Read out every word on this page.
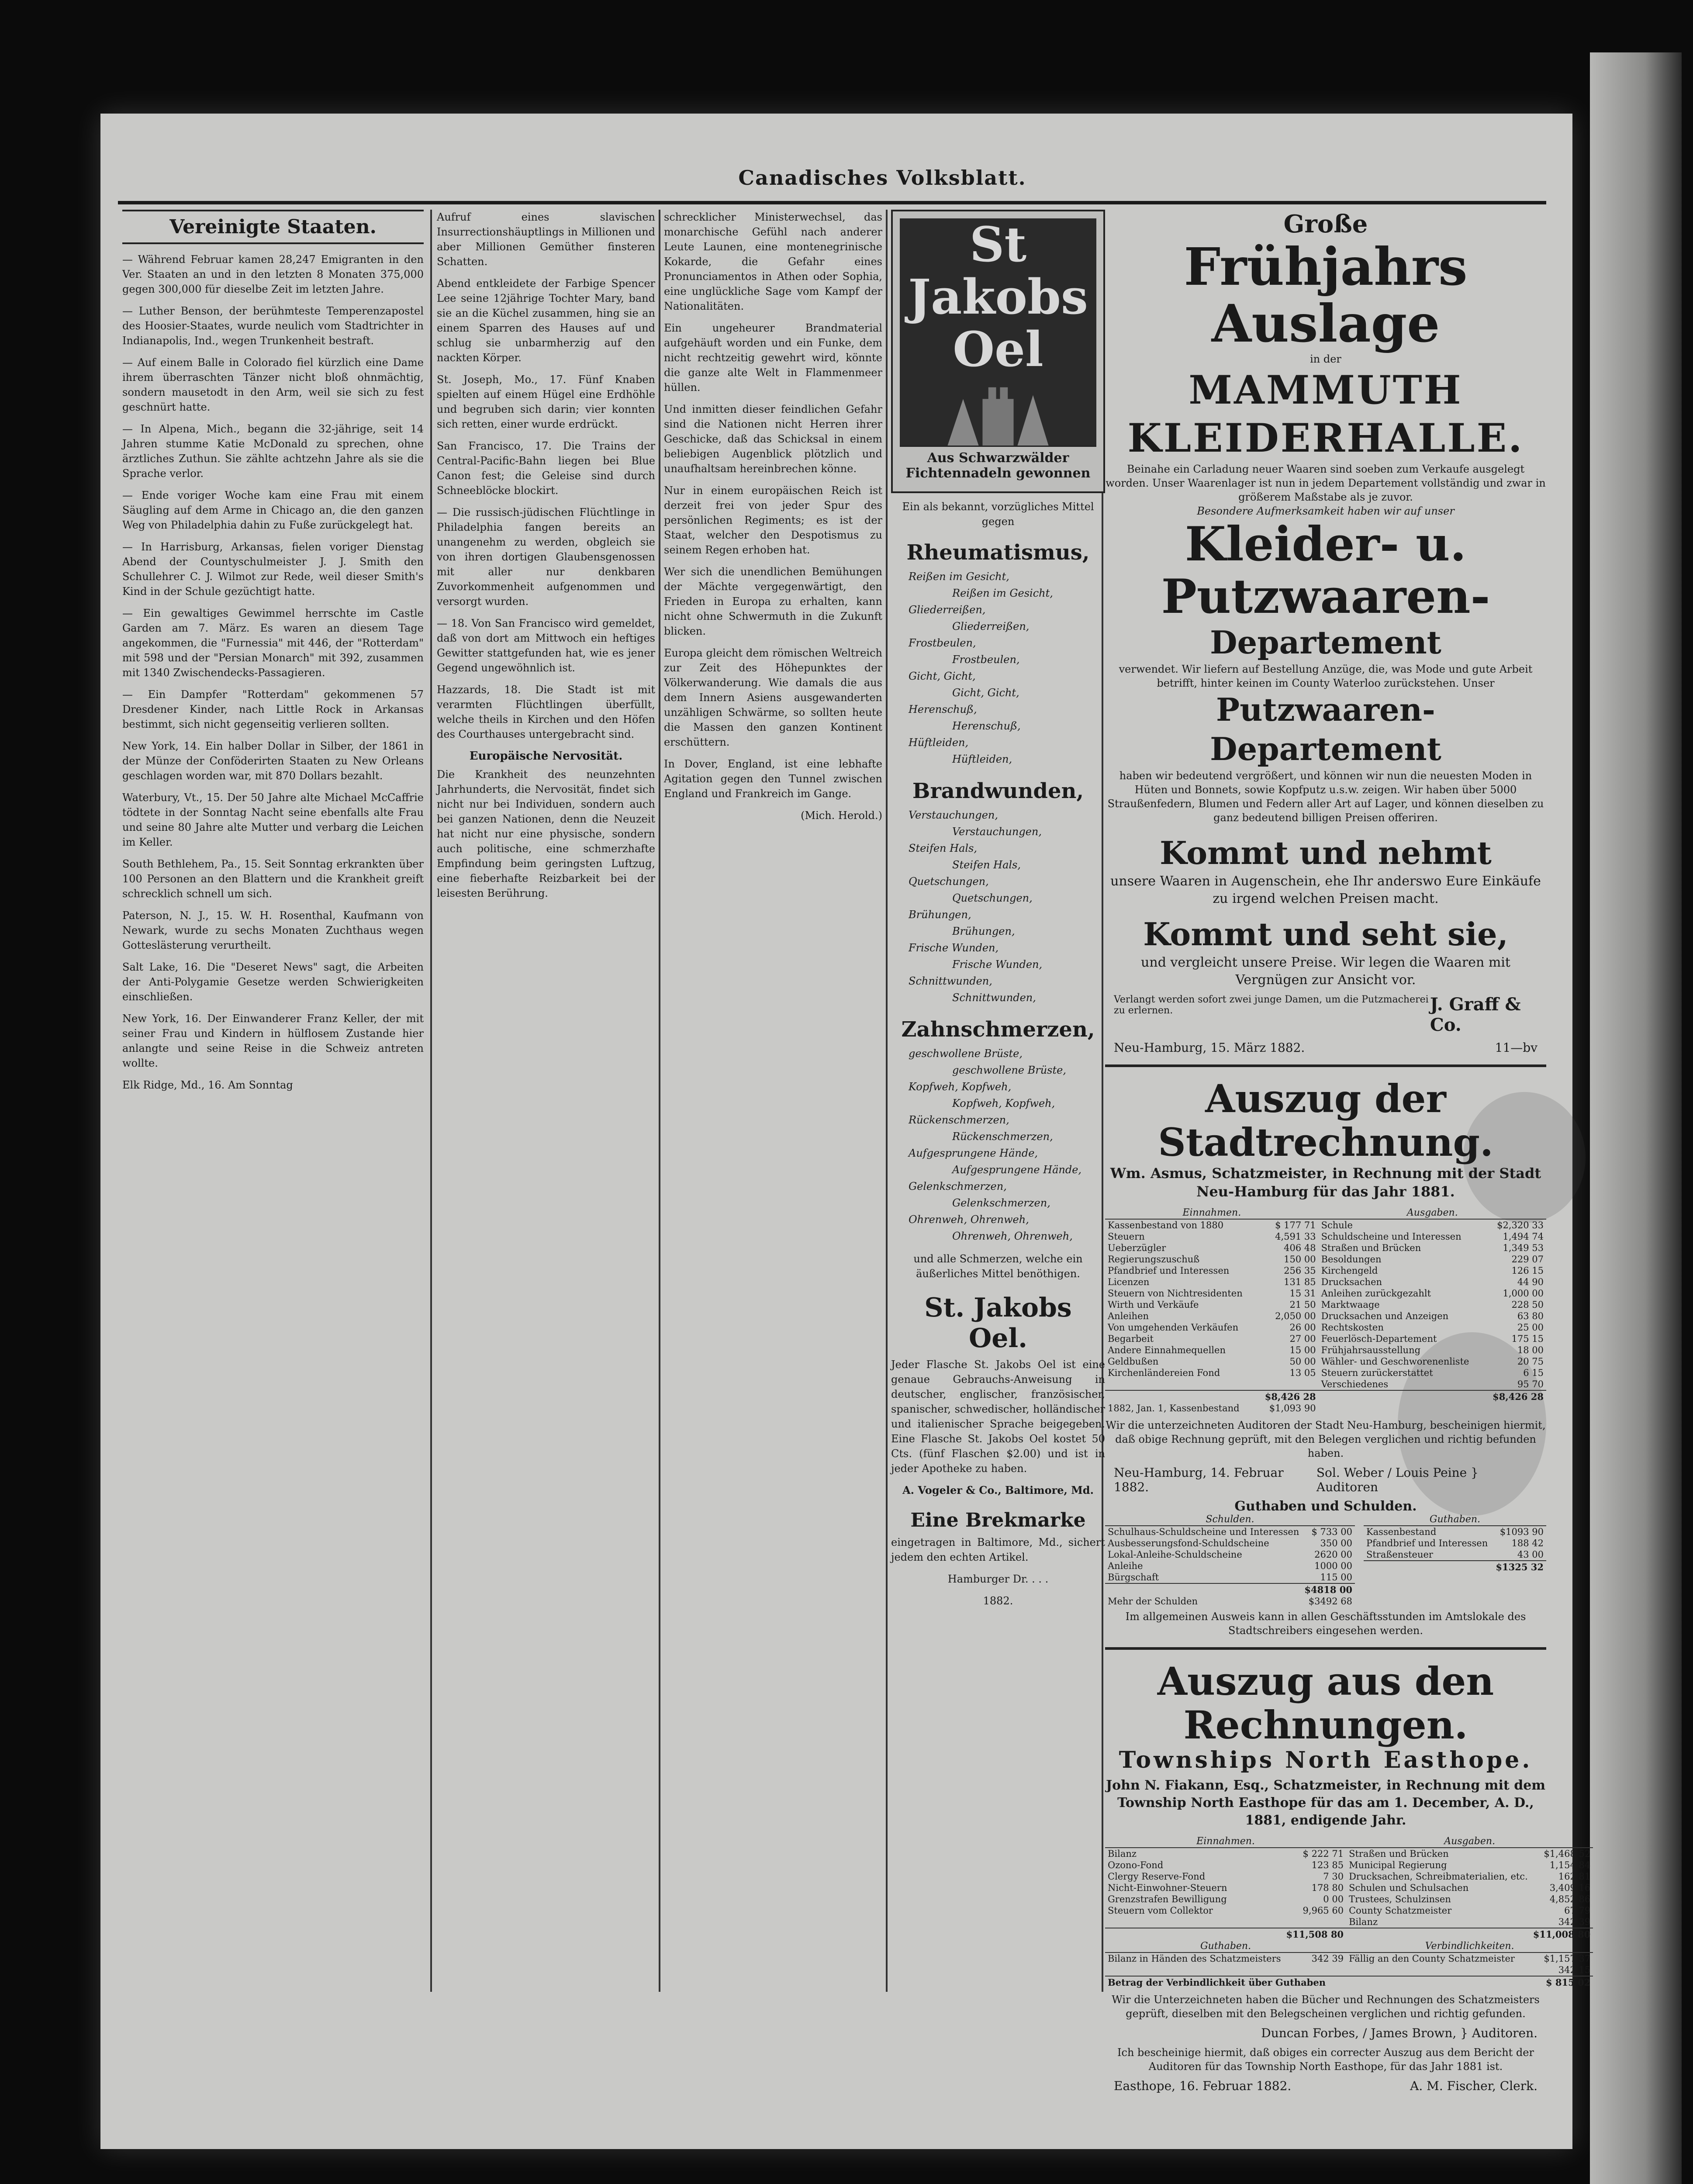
Canadisches Volksblatt.
Vereinigte Staaten.

— Während Februar kamen 28,247 Emigranten in den Ver. Staaten an und in den letzten 8 Monaten 375,000 gegen 300,000 für dieselbe Zeit im letzten Jahre.

— Luther Benson, der berühmteste Temperenzapostel des Hoosier-Staates, wurde neulich vom Stadtrichter in Indianapolis, Ind., wegen Trunkenheit bestraft.

— Auf einem Balle in Colorado fiel kürzlich eine Dame ihrem überraschten Tänzer nicht bloß ohnmächtig, sondern mausetodt in den Arm, weil sie sich zu fest geschnürt hatte.

— In Alpena, Mich., begann die 32-jährige, seit 14 Jahren stumme Katie McDonald zu sprechen, ohne ärztliches Zuthun. Sie zählte achtzehn Jahre als sie die Sprache verlor.

— Ende voriger Woche kam eine Frau mit einem Säugling auf dem Arme in Chicago an, die den ganzen Weg von Philadelphia dahin zu Fuße zurückgelegt hat.

— In Harrisburg, Arkansas, fielen voriger Dienstag Abend der Countyschulmeister J. J. Smith den Schullehrer C. J. Wilmot zur Rede, weil dieser Smith's Kind in der Schule gezüchtigt hatte.

— Ein gewaltiges Gewimmel herrschte im Castle Garden am 7. März. Es waren an diesem Tage angekommen, die "Furnessia" mit 446, der "Rotterdam" mit 598 und der "Persian Monarch" mit 392, zusammen mit 1340 Zwischendecks-Passagieren.

— Ein Dampfer "Rotterdam" gekommenen 57 Dresdener Kinder, nach Little Rock in Arkansas bestimmt, sich nicht gegenseitig verlieren sollten.

New York, 14. Ein halber Dollar in Silber, der 1861 in der Münze der Conföderirten Staaten zu New Orleans geschlagen worden war, mit 870 Dollars bezahlt.

Waterbury, Vt., 15. Der 50 Jahre alte Michael McCaffrie tödtete in der Sonntag Nacht seine ebenfalls alte Frau und seine 80 Jahre alte Mutter und verbarg die Leichen im Keller.

South Bethlehem, Pa., 15. Seit Sonntag erkrankten über 100 Personen an den Blattern und die Krankheit greift schrecklich schnell um sich.

Paterson, N. J., 15. W. H. Rosenthal, Kaufmann von Newark, wurde zu sechs Monaten Zuchthaus wegen Gotteslästerung verurtheilt.

Salt Lake, 16. Die "Deseret News" sagt, die Arbeiten der Anti-Polygamie Gesetze werden Schwierigkeiten einschließen.

New York, 16. Der Einwanderer Franz Keller, der mit seiner Frau und Kindern in hülflosem Zustande hier anlangte und seine Reise in die Schweiz antreten wollte.

Elk Ridge, Md., 16. Am Sonntag

Aufruf eines slavischen Insurrectionshäuptlings in Millionen und aber Millionen Gemüther finsteren Schatten.

Abend entkleidete der Farbige Spencer Lee seine 12jährige Tochter Mary, band sie an die Küchel zusammen, hing sie an einem Sparren des Hauses auf und schlug sie unbarmherzig auf den nackten Körper.

St. Joseph, Mo., 17. Fünf Knaben spielten auf einem Hügel eine Erdhöhle und begruben sich darin; vier konnten sich retten, einer wurde erdrückt.

San Francisco, 17. Die Trains der Central-Pacific-Bahn liegen bei Blue Canon fest; die Geleise sind durch Schneeblöcke blockirt.

— Die russisch-jüdischen Flüchtlinge in Philadelphia fangen bereits an unangenehm zu werden, obgleich sie von ihren dortigen Glaubensgenossen mit aller nur denkbaren Zuvorkommenheit aufgenommen und versorgt wurden.

— 18. Von San Francisco wird gemeldet, daß von dort am Mittwoch ein heftiges Gewitter stattgefunden hat, wie es jener Gegend ungewöhnlich ist.

Hazzards, 18. Die Stadt ist mit verarmten Flüchtlingen überfüllt, welche theils in Kirchen und den Höfen des Courthauses untergebracht sind.

Europäische Nervosität.

Die Krankheit des neunzehnten Jahrhunderts, die Nervosität, findet sich nicht nur bei Individuen, sondern auch bei ganzen Nationen, denn die Neuzeit hat nicht nur eine physische, sondern auch politische, eine schmerzhafte Empfindung beim geringsten Luftzug, eine fieberhafte Reizbarkeit bei der leisesten Berührung.

schrecklicher Ministerwechsel, das monarchische Gefühl nach anderer Leute Launen, eine montenegrinische Kokarde, die Gefahr eines Pronunciamentos in Athen oder Sophia, eine unglückliche Sage vom Kampf der Nationalitäten.

Ein ungeheurer Brandmaterial aufgehäuft worden und ein Funke, dem nicht rechtzeitig gewehrt wird, könnte die ganze alte Welt in Flammenmeer hüllen.

Und inmitten dieser feindlichen Gefahr sind die Nationen nicht Herren ihrer Geschicke, daß das Schicksal in einem beliebigen Augenblick plötzlich und unaufhaltsam hereinbrechen könne.

Nur in einem europäischen Reich ist derzeit frei von jeder Spur des persönlichen Regiments; es ist der Staat, welcher den Despotismus zu seinem Regen erhoben hat.

Wer sich die unendlichen Bemühungen der Mächte vergegenwärtigt, den Frieden in Europa zu erhalten, kann nicht ohne Schwermuth in die Zukunft blicken.

Europa gleicht dem römischen Weltreich zur Zeit des Höhepunktes der Völkerwanderung. Wie damals die aus dem Innern Asiens ausgewanderten unzähligen Schwärme, so sollten heute die Massen den ganzen Kontinent erschüttern.

In Dover, England, ist eine lebhafte Agitation gegen den Tunnel zwischen England und Frankreich im Gange.

(Mich. Herold.)

St Jakobs
Oel
Aus Schwarzwälder
Fichtennadeln gewonnen

Ein als bekannt, vorzügliches Mittel gegen

Rheumatismus,
Reißen im Gesicht,
Reißen im Gesicht,
Gliederreißen,
Gliederreißen,
Frostbeulen,
Frostbeulen,
Gicht, Gicht,
Gicht, Gicht,
Herenschuß,
Herenschuß,
Hüftleiden,
Hüftleiden,
Brandwunden,
Verstauchungen,
Verstauchungen,
Steifen Hals,
Steifen Hals,
Quetschungen,
Quetschungen,
Brühungen,
Brühungen,
Frische Wunden,
Frische Wunden,
Schnittwunden,
Schnittwunden,
Zahnschmerzen,
geschwollene Brüste,
geschwollene Brüste,
Kopfweh, Kopfweh,
Kopfweh, Kopfweh,
Rückenschmerzen,
Rückenschmerzen,
Aufgesprungene Hände,
Aufgesprungene Hände,
Gelenkschmerzen,
Gelenkschmerzen,
Ohrenweh, Ohrenweh,
Ohrenweh, Ohrenweh,

und alle Schmerzen, welche ein äußerliches Mittel benöthigen.

St. Jakobs Oel.

Jeder Flasche St. Jakobs Oel ist eine genaue Gebrauchs-Anweisung in deutscher, englischer, französischer, spanischer, schwedischer, holländischer und italienischer Sprache beigegeben. Eine Flasche St. Jakobs Oel kostet 50 Cts. (fünf Flaschen $2.00) und ist in jeder Apotheke zu haben.

A. Vogeler & Co., Baltimore, Md.

Eine Brekmarke

eingetragen in Baltimore, Md., sichert jedem den echten Artikel.

Hamburger Dr. . . .

1882.

Große
Frühjahrs Auslage
in der
MAMMUTH KLEIDERHALLE.
Beinahe ein Carladung neuer Waaren sind soeben zum Verkaufe ausgelegt worden. Unser Waarenlager ist nun in jedem Departement vollständig und zwar in größerem Maßstabe als je zuvor.
Besondere Aufmerksamkeit haben wir auf unser
Kleider- u. Putzwaaren-
Departement
verwendet. Wir liefern auf Bestellung Anzüge, die, was Mode und gute Arbeit betrifft, hinter keinen im County Waterloo zurückstehen. Unser
Putzwaaren-Departement
haben wir bedeutend vergrößert, und können wir nun die neuesten Moden in Hüten und Bonnets, sowie Kopfputz u.s.w. zeigen. Wir haben über 5000 Straußenfedern, Blumen und Federn aller Art auf Lager, und können dieselben zu ganz bedeutend billigen Preisen offeriren.
Kommt und nehmt
unsere Waaren in Augenschein, ehe Ihr anderswo Eure Einkäufe zu irgend welchen Preisen macht.
Kommt und seht sie,
und vergleicht unsere Preise. Wir legen die Waaren mit Vergnügen zur Ansicht vor.
Verlangt werden sofort zwei junge Damen, um die Putzmacherei zu erlernen.	J. Graff & Co.
Neu-Hamburg, 15. März 1882.	11—bv
Auszug der Stadtrechnung.
Wm. Asmus, Schatzmeister, in Rechnung mit der Stadt Neu-Hamburg für das Jahr 1881.
Einnahmen.		Ausgaben.	
Kassenbestand von 1880	$ 177 71	Schule	$2,320 33
Steuern	4,591 33	Schuldscheine und Interessen	1,494 74
Ueberzügler	406 48	Straßen und Brücken	1,349 53
Regierungszuschuß	150 00	Besoldungen	229 07
Pfandbrief und Interessen	256 35	Kirchengeld	126 15
Licenzen	131 85	Drucksachen	44 90
Steuern von Nichtresidenten	15 31	Anleihen zurückgezahlt	1,000 00
Wirth und Verkäufe	21 50	Marktwaage	228 50
Anleihen	2,050 00	Drucksachen und Anzeigen	63 80
Von umgehenden Verkäufen	26 00	Rechtskosten	25 00
Begarbeit	27 00	Feuerlösch-Departement	175 15
Andere Einnahmequellen	15 00	Frühjahrsausstellung	18 00
Geldbußen	50 00	Wähler- und Geschworenenliste	20 75
Kirchenländereien Fond	13 05	Steuern zurückerstattet	6 15
		Verschiedenes	95 70
	$8,426 28		$8,426 28
1882, Jan. 1, Kassenbestand	$1,093 90		
Wir die unterzeichneten Auditoren der Stadt Neu-Hamburg, bescheinigen hiermit, daß obige Rechnung geprüft, mit den Belegen verglichen und richtig befunden haben.
Neu-Hamburg, 14. Februar 1882.
Sol. Weber / Louis Peine } Auditoren
Guthaben und Schulden.
Schulden.	
Schulhaus-Schuldscheine und Interessen	$ 733 00
Ausbesserungsfond-Schuldscheine	350 00
Lokal-Anleihe-Schuldscheine	2620 00
Anleihe	1000 00
Bürgschaft	115 00
	$4818 00
Mehr der Schulden	$3492 68
Guthaben.	
Kassenbestand	$1093 90
Pfandbrief und Interessen	188 42
Straßensteuer	43 00
	$1325 32
Im allgemeinen Ausweis kann in allen Geschäftsstunden im Amtslokale des Stadtschreibers eingesehen werden.
Auszug aus den Rechnungen.
Townships North Easthope.
John N. Fiakann, Esq., Schatzmeister, in Rechnung mit dem Township North Easthope für das am 1. December, A. D., 1881, endigende Jahr.
Einnahmen.		Ausgaben.	
Bilanz	$ 222 71	Straßen und Brücken	$1,468 52
Ozono-Fond	123 85	Municipal Regierung	1,154 84
Clergy Reserve-Fond	7 30	Drucksachen, Schreibmaterialien, etc.	162 81
Nicht-Einwohner-Steuern	178 80	Schulen und Schulsachen	3,409 16
Grenzstrafen Bewilligung	0 00	Trustees, Schulzinsen	4,852 86
Steuern vom Collektor	9,965 60	County Schatzmeister	67 79
		Bilanz	342 39
	$11,508 80		$11,008 80
Guthaben.		Verbindlichkeiten.	
Bilanz in Händen des Schatzmeisters	342 39	Fällig an den County Schatzmeister	$1,157 37
			342 15
Betrag der Verbindlichkeit über Guthaben			$ 815 02
Wir die Unterzeichneten haben die Bücher und Rechnungen des Schatzmeisters geprüft, dieselben mit den Belegscheinen verglichen und richtig gefunden.
Duncan Forbes, / James Brown, } Auditoren.
Ich bescheinige hiermit, daß obiges ein correcter Auszug aus dem Bericht der Auditoren für das Township North Easthope, für das Jahr 1881 ist.
Easthope, 16. Februar 1882.	A. M. Fischer, Clerk.
